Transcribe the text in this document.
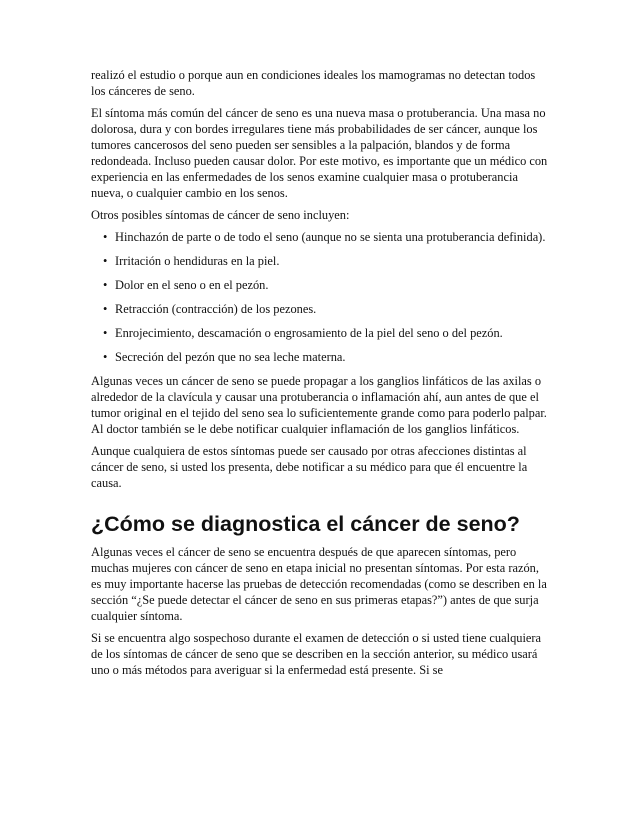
realizó el estudio o porque aun en condiciones ideales los mamogramas no detectan todos los cánceres de seno.

El síntoma más común del cáncer de seno es una nueva masa o protuberancia. Una masa no dolorosa, dura y con bordes irregulares tiene más probabilidades de ser cáncer, aunque los tumores cancerosos del seno pueden ser sensibles a la palpación, blandos y de forma redondeada. Incluso pueden causar dolor. Por este motivo, es importante que un médico con experiencia en las enfermedades de los senos examine cualquier masa o protuberancia nueva, o cualquier cambio en los senos.

Otros posibles síntomas de cáncer de seno incluyen:

• Hinchazón de parte o de todo el seno (aunque no se sienta una protuberancia definida).
• Irritación o hendiduras en la piel.
• Dolor en el seno o en el pezón.
• Retracción (contracción) de los pezones.
• Enrojecimiento, descamación o engrosamiento de la piel del seno o del pezón.
• Secreción del pezón que no sea leche materna.

Algunas veces un cáncer de seno se puede propagar a los ganglios linfáticos de las axilas o alrededor de la clavícula y causar una protuberancia o inflamación ahí, aun antes de que el tumor original en el tejido del seno sea lo suficientemente grande como para poderlo palpar. Al doctor también se le debe notificar cualquier inflamación de los ganglios linfáticos.

Aunque cualquiera de estos síntomas puede ser causado por otras afecciones distintas al cáncer de seno, si usted los presenta, debe notificar a su médico para que él encuentre la causa.

¿Cómo se diagnostica el cáncer de seno?

Algunas veces el cáncer de seno se encuentra después de que aparecen síntomas, pero muchas mujeres con cáncer de seno en etapa inicial no presentan síntomas. Por esta razón, es muy importante hacerse las pruebas de detección recomendadas (como se describen en la sección “¿Se puede detectar el cáncer de seno en sus primeras etapas?”) antes de que surja cualquier síntoma.

Si se encuentra algo sospechoso durante el examen de detección o si usted tiene cualquiera de los síntomas de cáncer de seno que se describen en la sección anterior, su médico usará uno o más métodos para averiguar si la enfermedad está presente. Si se
